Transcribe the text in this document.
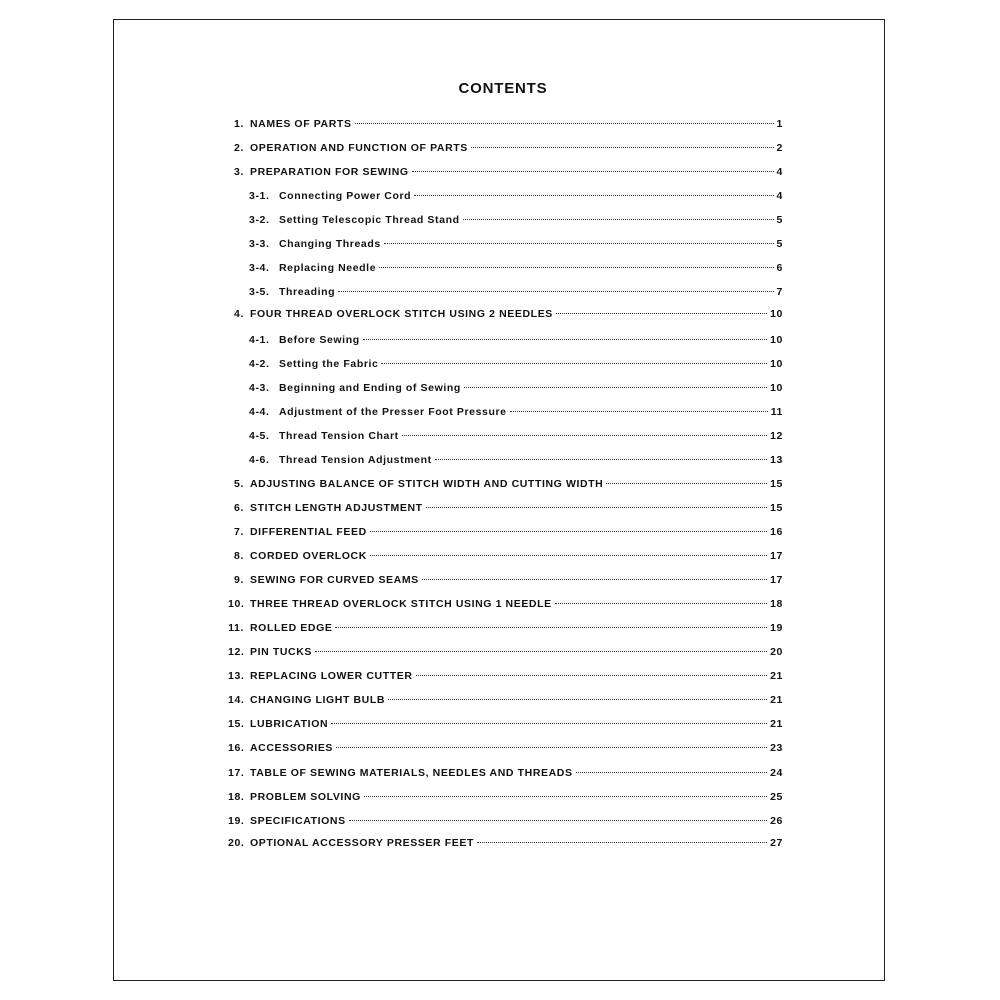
CONTENTS
1. NAMES OF PARTS	1
2. OPERATION AND FUNCTION OF PARTS	2
3. PREPARATION FOR SEWING	4
3-1. Connecting Power Cord	4
3-2. Setting Telescopic Thread Stand	5
3-3. Changing Threads	5
3-4. Replacing Needle	6
3-5. Threading	7
4. FOUR THREAD OVERLOCK STITCH USING 2 NEEDLES	10
4-1. Before Sewing	10
4-2. Setting the Fabric	10
4-3. Beginning and Ending of Sewing	10
4-4. Adjustment of the Presser Foot Pressure	11
4-5. Thread Tension Chart	12
4-6. Thread Tension Adjustment	13
5. ADJUSTING BALANCE OF STITCH WIDTH AND CUTTING WIDTH	15
6. STITCH LENGTH ADJUSTMENT	15
7. DIFFERENTIAL FEED	16
8. CORDED OVERLOCK	17
9. SEWING FOR CURVED SEAMS	17
10. THREE THREAD OVERLOCK STITCH USING 1 NEEDLE	18
11. ROLLED EDGE	19
12. PIN TUCKS	20
13. REPLACING LOWER CUTTER	21
14. CHANGING LIGHT BULB	21
15. LUBRICATION	21
16. ACCESSORIES	23
17. TABLE OF SEWING MATERIALS, NEEDLES AND THREADS	24
18. PROBLEM SOLVING	25
19. SPECIFICATIONS	26
20. OPTIONAL ACCESSORY PRESSER FEET	27
